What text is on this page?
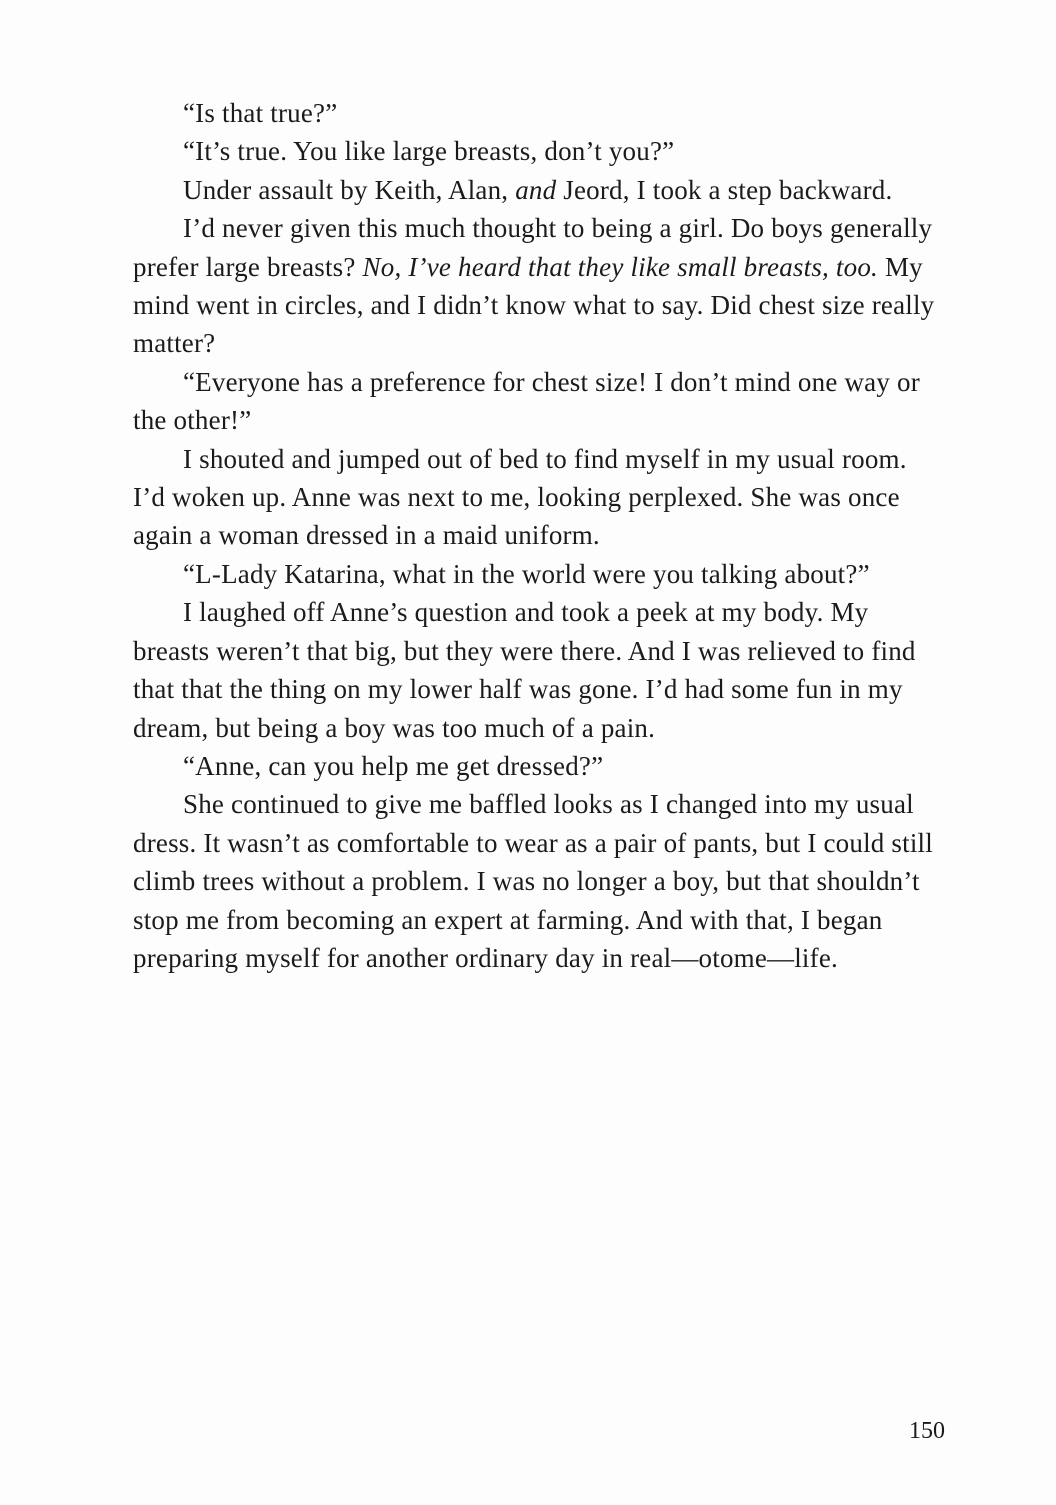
“Is that true?”

“It’s true. You like large breasts, don’t you?”

Under assault by Keith, Alan, and Jeord, I took a step backward.

I’d never given this much thought to being a girl. Do boys generally prefer large breasts? No, I’ve heard that they like small breasts, too. My mind went in circles, and I didn’t know what to say. Did chest size really matter?

“Everyone has a preference for chest size! I don’t mind one way or the other!”

I shouted and jumped out of bed to find myself in my usual room. I’d woken up. Anne was next to me, looking perplexed. She was once again a woman dressed in a maid uniform.

“L-Lady Katarina, what in the world were you talking about?”

I laughed off Anne’s question and took a peek at my body. My breasts weren’t that big, but they were there. And I was relieved to find that that the thing on my lower half was gone. I’d had some fun in my dream, but being a boy was too much of a pain.

“Anne, can you help me get dressed?”

She continued to give me baffled looks as I changed into my usual dress. It wasn’t as comfortable to wear as a pair of pants, but I could still climb trees without a problem. I was no longer a boy, but that shouldn’t stop me from becoming an expert at farming. And with that, I began preparing myself for another ordinary day in real—otome—life.

150
